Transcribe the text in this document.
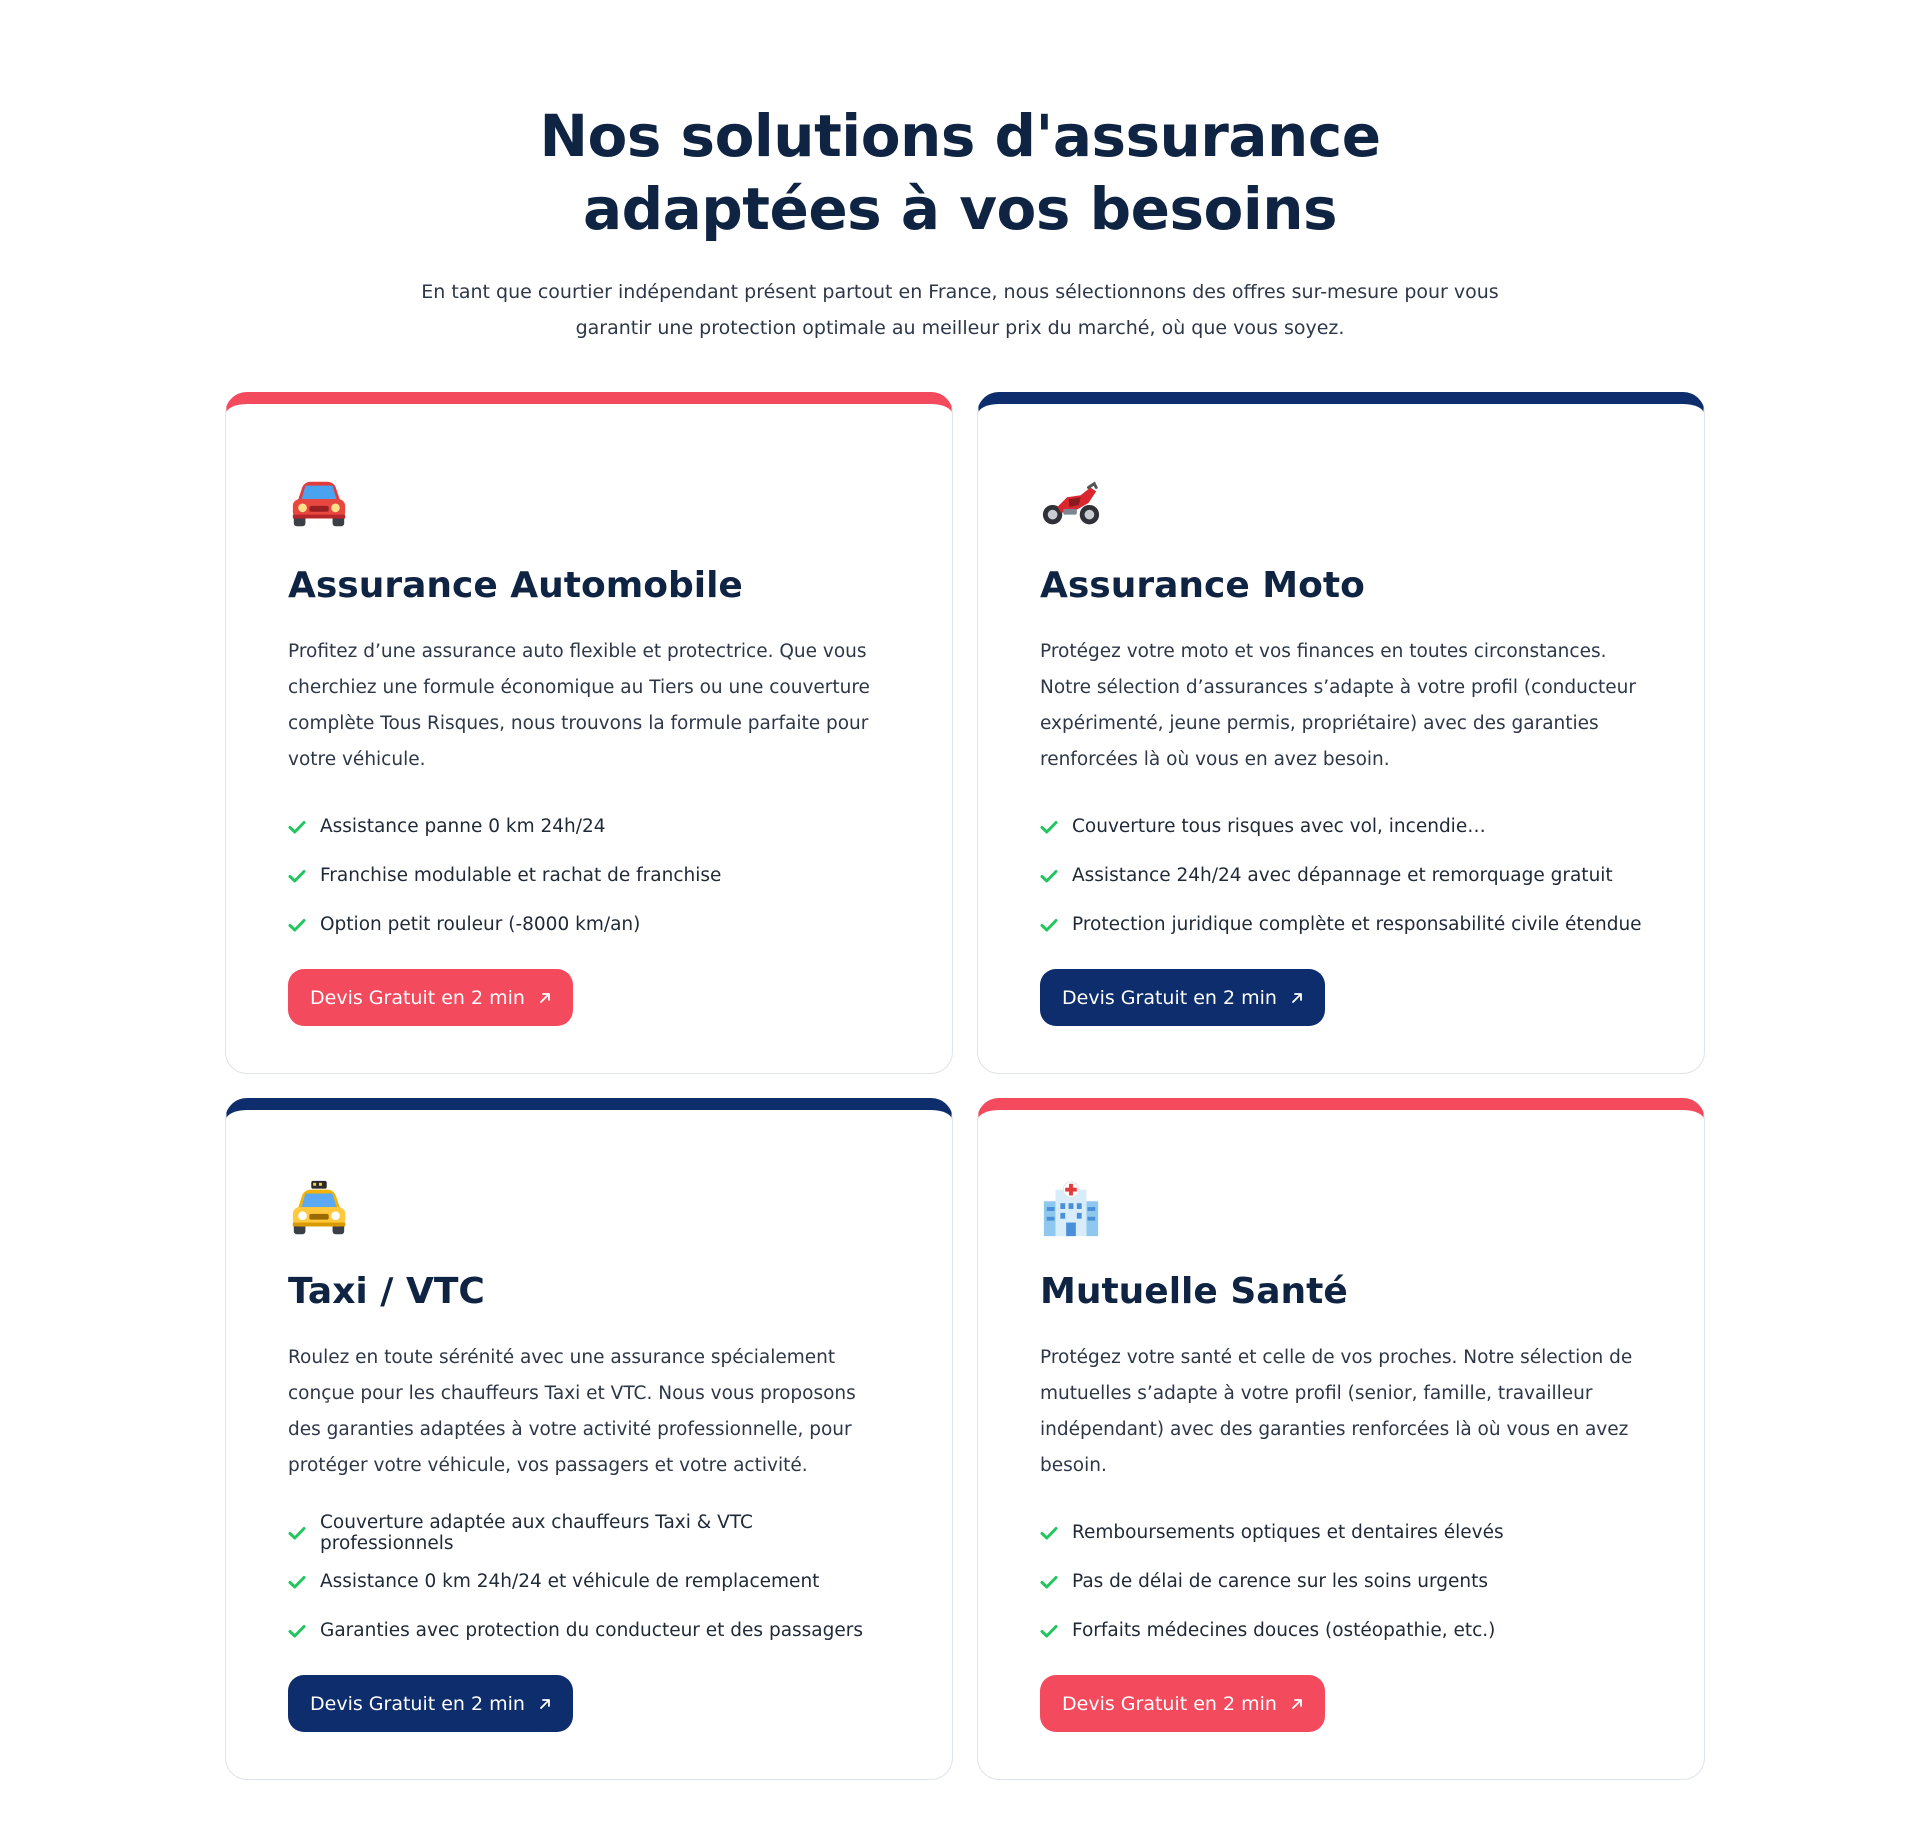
Nos solutions d'assurance
adaptées à vos besoins

En tant que courtier indépendant présent partout en France, nous sélectionnons des offres sur-mesure pour vous
garantir une protection optimale au meilleur prix du marché, où que vous soyez.

Assurance Automobile

Profitez d’une assurance auto flexible et protectrice. Que vous cherchiez une formule économique au Tiers ou une couverture complète Tous Risques, nous trouvons la formule parfaite pour votre véhicule.

Assistance panne 0 km 24h/24
Franchise modulable et rachat de franchise
Option petit rouleur (-8000 km/an)
Devis Gratuit en 2 min
Assurance Moto

Protégez votre moto et vos finances en toutes circonstances. Notre sélection d’assurances s’adapte à votre profil (conducteur expérimenté, jeune permis, propriétaire) avec des garanties renforcées là où vous en avez besoin.

Couverture tous risques avec vol, incendie…
Assistance 24h/24 avec dépannage et remorquage gratuit
Protection juridique complète et responsabilité civile étendue
Devis Gratuit en 2 min
Taxi / VTC

Roulez en toute sérénité avec une assurance spécialement conçue pour les chauffeurs Taxi et VTC. Nous vous proposons des garanties adaptées à votre activité professionnelle, pour protéger votre véhicule, vos passagers et votre activité.

Couverture adaptée aux chauffeurs Taxi & VTC professionnels
Assistance 0 km 24h/24 et véhicule de remplacement
Garanties avec protection du conducteur et des passagers
Devis Gratuit en 2 min
Mutuelle Santé

Protégez votre santé et celle de vos proches. Notre sélection de mutuelles s’adapte à votre profil (senior, famille, travailleur indépendant) avec des garanties renforcées là où vous en avez besoin.

Remboursements optiques et dentaires élevés
Pas de délai de carence sur les soins urgents
Forfaits médecines douces (ostéopathie, etc.)
Devis Gratuit en 2 min
